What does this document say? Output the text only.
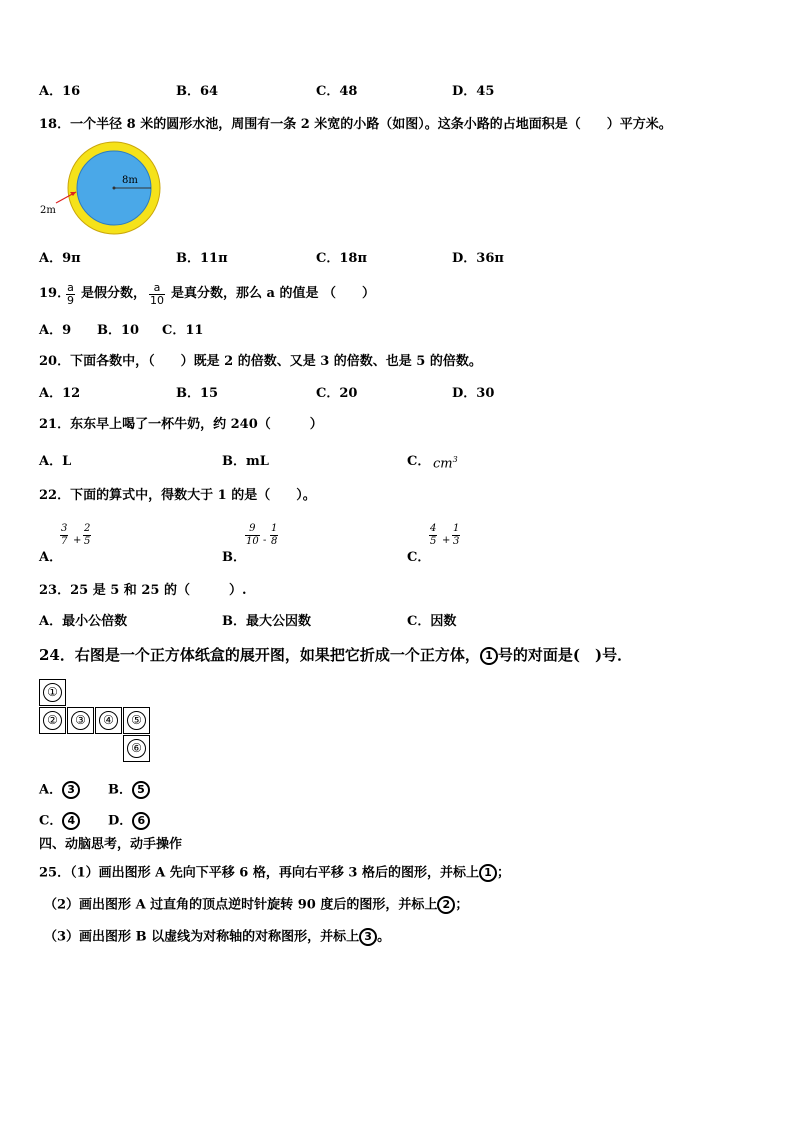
A．16	B．64	C．48	D．45
18．一个半径 8 米的圆形水池，周围有一条 2 米宽的小路（如图）。这条小路的占地面积是（　　）平方米。
8m
2m
A．9π	B．11π	C．18π	D．36π
19．
$\frac{a}{9}$ 是假分数， $\frac{a}{10}$ 是真分数，那么 a 的值是 （　　）
A．9 B．10 C．11
20．下面各数中，（　　）既是 2 的倍数、又是 3 的倍数、也是 5 的倍数。
A．12	B．15	C．20	D．30
21．东东早上喝了一杯牛奶，约 240（　　　）
A．L	B．mL	C． $cm^3$
22．下面的算式中，得数大于 1 的是（　　）。
A．
$\frac{3}{7} + \frac{2}{5}$
B．
$\frac{9}{10} - \frac{1}{8}$
C．
$\frac{4}{5} + \frac{1}{3}$
23．25 是 5 和 25 的（　　　）.
A．最小公倍数	B．最大公因数	C．因数
24．右图是一个正方体纸盒的展开图，如果把它折成一个正方体， 1 号的对面是(　)号．
①
②	③	④	⑤
⑥
A． 3	B． 5
C． 4	D． 6
四、动脑思考，动手操作
25．（1）画出图形 A 先向下平移 6 格，再向右平移 3 格后的图形，并标上 1 ；
（2）画出图形 A 过直角的顶点逆时针旋转 90 度后的图形，并标上 2 ；
（3）画出图形 B 以虚线为对称轴的对称图形，并标上 3 。
